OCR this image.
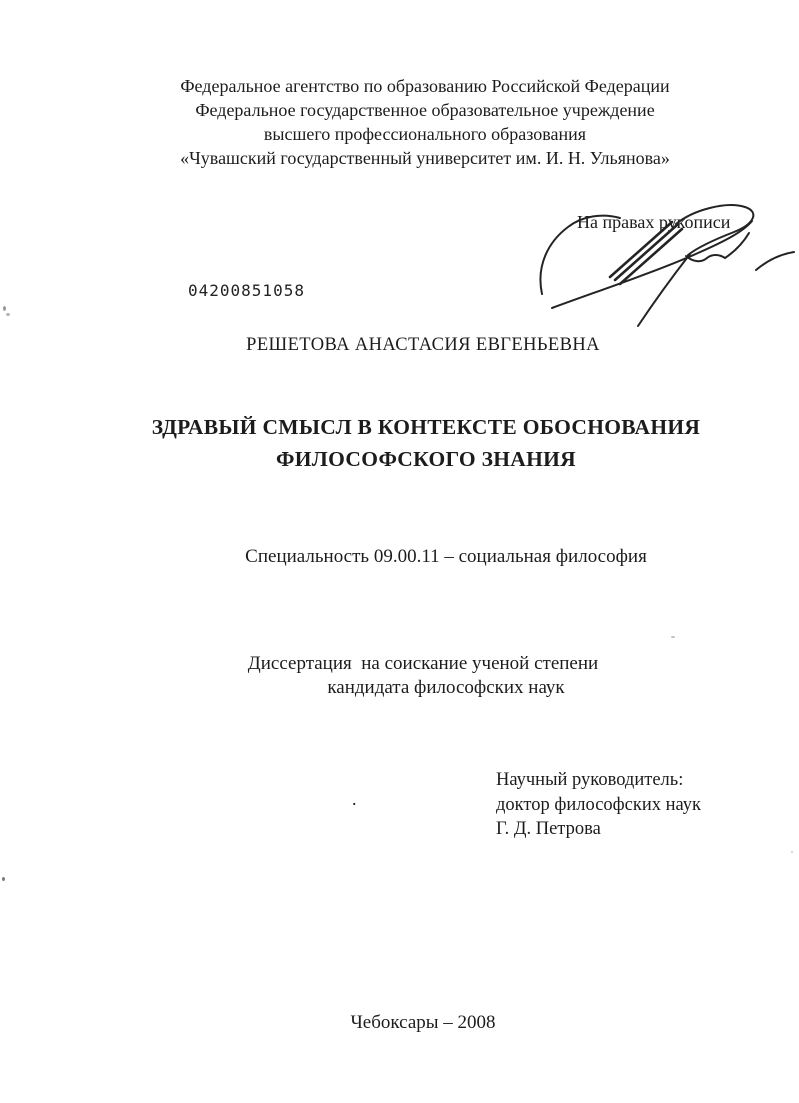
Федеральное агентство по образованию Российской Федерации
Федеральное государственное образовательное учреждение
высшего профессионального образования
«Чувашский государственный университет им. И. Н. Ульянова»
На правах рукописи
04200851058
РЕШЕТОВА АНАСТАСИЯ ЕВГЕНЬЕВНА
ЗДРАВЫЙ СМЫСЛ В КОНТЕКСТЕ ОБОСНОВАНИЯ
ФИЛОСОФСКОГО ЗНАНИЯ
Специальность 09.00.11 – социальная философия
Диссертация  на соискание ученой степени
кандидата философских наук
.
Научный руководитель:
доктор философских наук
Г. Д. Петрова
Чебоксары – 2008
